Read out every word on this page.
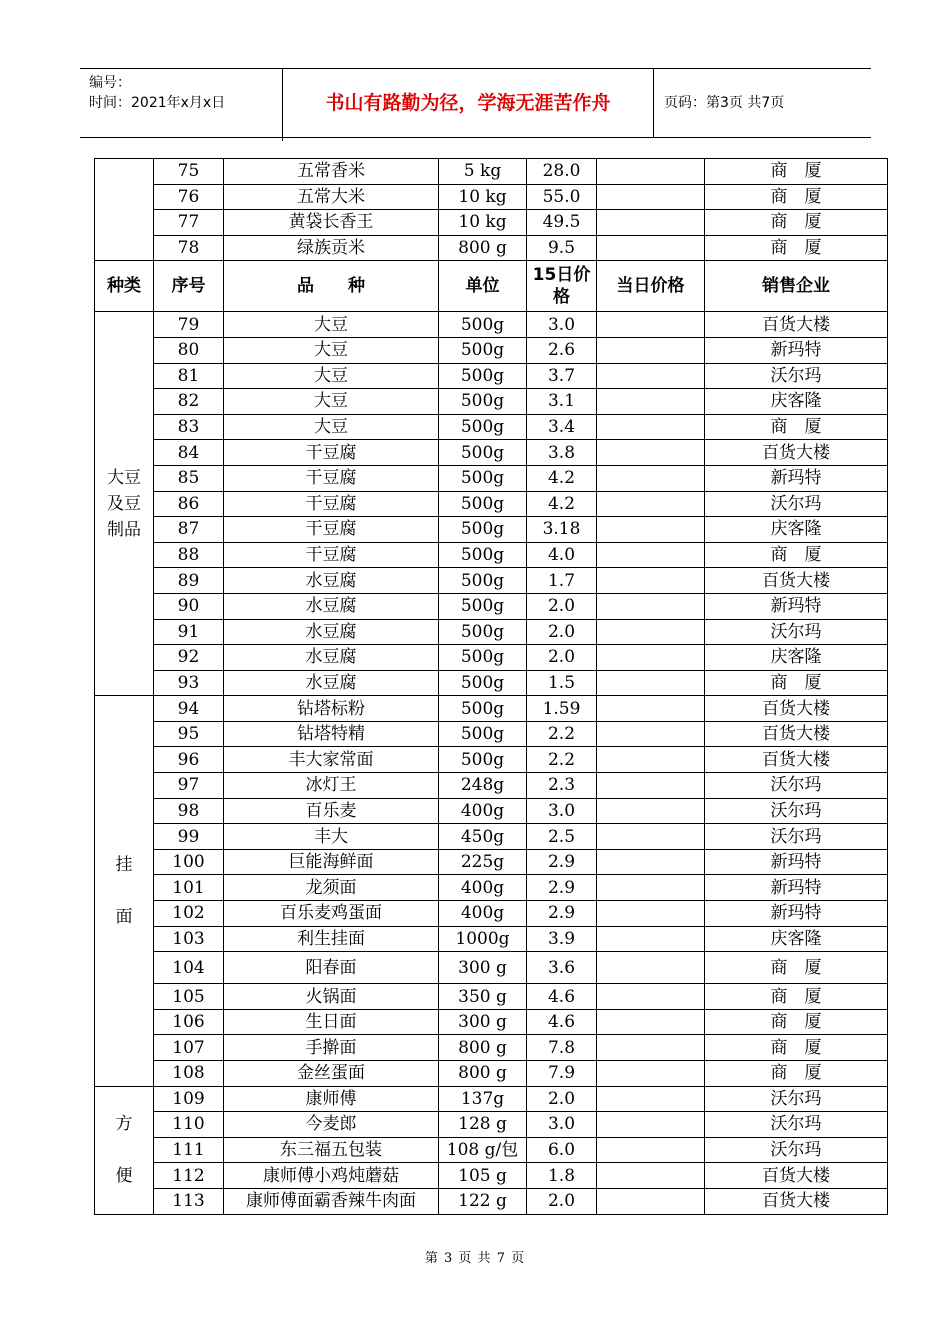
编号：
时间：2021年x月x日	书山有路勤为径，学海无涯苦作舟	页码：第3页 共7页
	75	五常香米	5 kg	28.0		商　厦
	76	五常大米	10 kg	55.0		商　厦
	77	黄袋长香王	10 kg	49.5		商　厦
	78	绿族贡米	800 g	9.5		商　厦
种类	序号	品　　种	单位	15日价格	当日价格	销售企业

大豆
及豆
制品	79	大豆	500g	3.0		百货大楼
	80	大豆	500g	2.6		新玛特
	81	大豆	500g	3.7		沃尔玛
	82	大豆	500g	3.1		庆客隆
	83	大豆	500g	3.4		商　厦
	84	干豆腐	500g	3.8		百货大楼
	85	干豆腐	500g	4.2		新玛特
	86	干豆腐	500g	4.2		沃尔玛
	87	干豆腐	500g	3.18		庆客隆
	88	干豆腐	500g	4.0		商　厦
	89	水豆腐	500g	1.7		百货大楼
	90	水豆腐	500g	2.0		新玛特
	91	水豆腐	500g	2.0		沃尔玛
	92	水豆腐	500g	2.0		庆客隆
	93	水豆腐	500g	1.5		商　厦

挂

面	94	钻塔标粉	500g	1.59		百货大楼
	95	钻塔特精	500g	2.2		百货大楼
	96	丰大家常面	500g	2.2		百货大楼
	97	冰灯王	248g	2.3		沃尔玛
	98	百乐麦	400g	3.0		沃尔玛
	99	丰大	450g	2.5		沃尔玛
	100	巨能海鲜面	225g	2.9		新玛特
	101	龙须面	400g	2.9		新玛特
	102	百乐麦鸡蛋面	400g	2.9		新玛特
	103	利生挂面	1000g	3.9		庆客隆
	104	阳春面	300 g	3.6		商　厦
	105	火锅面	350 g	4.6		商　厦
	106	生日面	300 g	4.6		商　厦
	107	手擀面	800 g	7.8		商　厦
	108	金丝蛋面	800 g	7.9		商　厦

方

便	109	康师傅	137g	2.0		沃尔玛
	110	今麦郎	128 g	3.0		沃尔玛
	111	东三福五包装	108 g/包	6.0		沃尔玛
	112	康师傅小鸡炖蘑菇	105 g	1.8		百货大楼
	113	康师傅面霸香辣牛肉面	122 g	2.0		百货大楼
第 3 页 共 7 页
